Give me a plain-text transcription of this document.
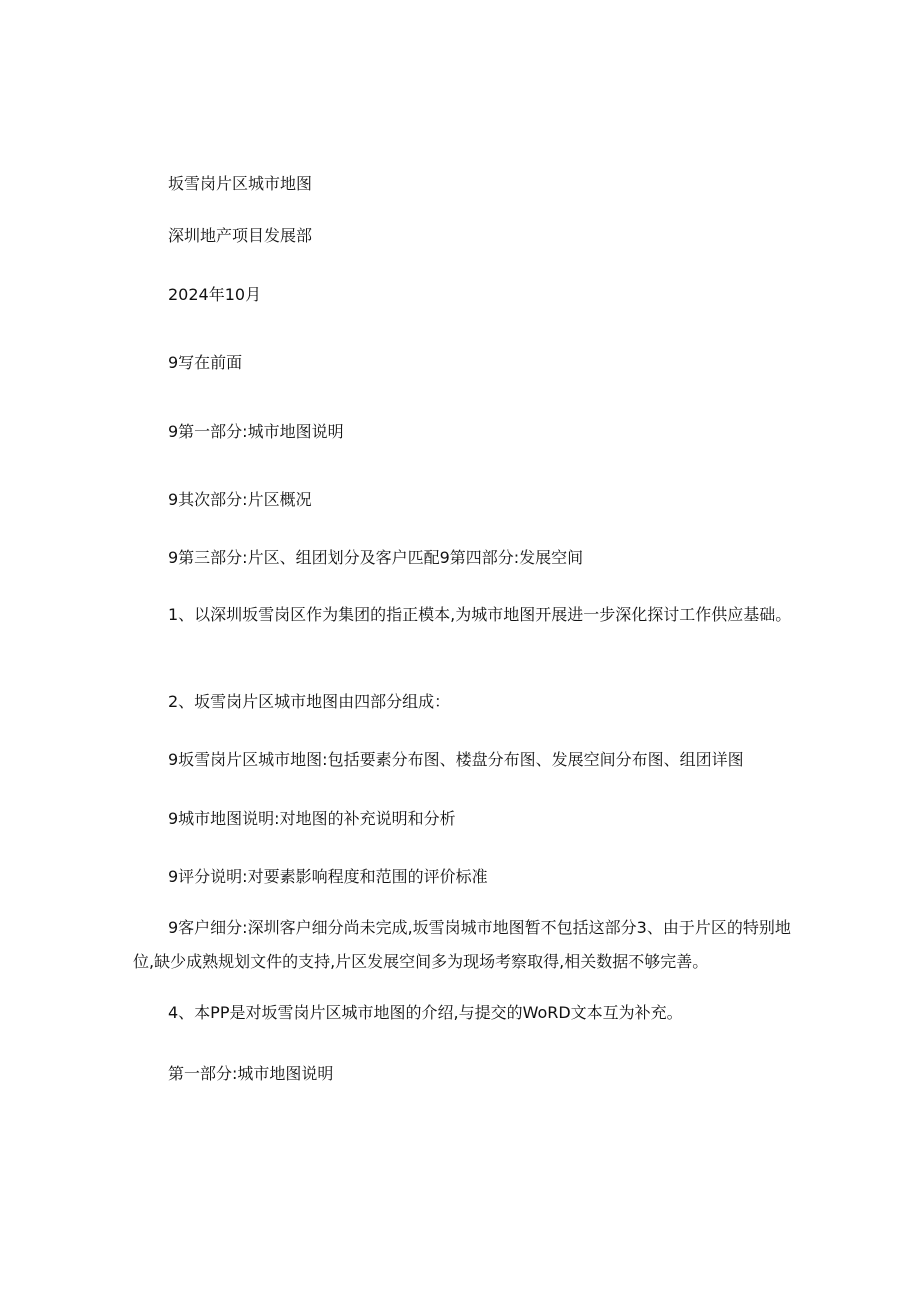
坂雪岗片区城市地图

深圳地产项目发展部

2024年10月

9写在前面

9第一部分:城市地图说明

9其次部分:片区概况

9第三部分:片区、组团划分及客户匹配9第四部分:发展空间

1、以深圳坂雪岗区作为集团的指正模本,为城市地图开展进一步深化探讨工作供应基础。

2、坂雪岗片区城市地图由四部分组成：

9坂雪岗片区城市地图:包括要素分布图、楼盘分布图、发展空间分布图、组团详图

9城市地图说明:对地图的补充说明和分析

9评分说明:对要素影响程度和范围的评价标准

9客户细分:深圳客户细分尚未完成,坂雪岗城市地图暂不包括这部分3、由于片区的特别地位,缺少成熟规划文件的支持,片区发展空间多为现场考察取得,相关数据不够完善。

4、本PP是对坂雪岗片区城市地图的介绍,与提交的WoRD文本互为补充。

第一部分:城市地图说明
